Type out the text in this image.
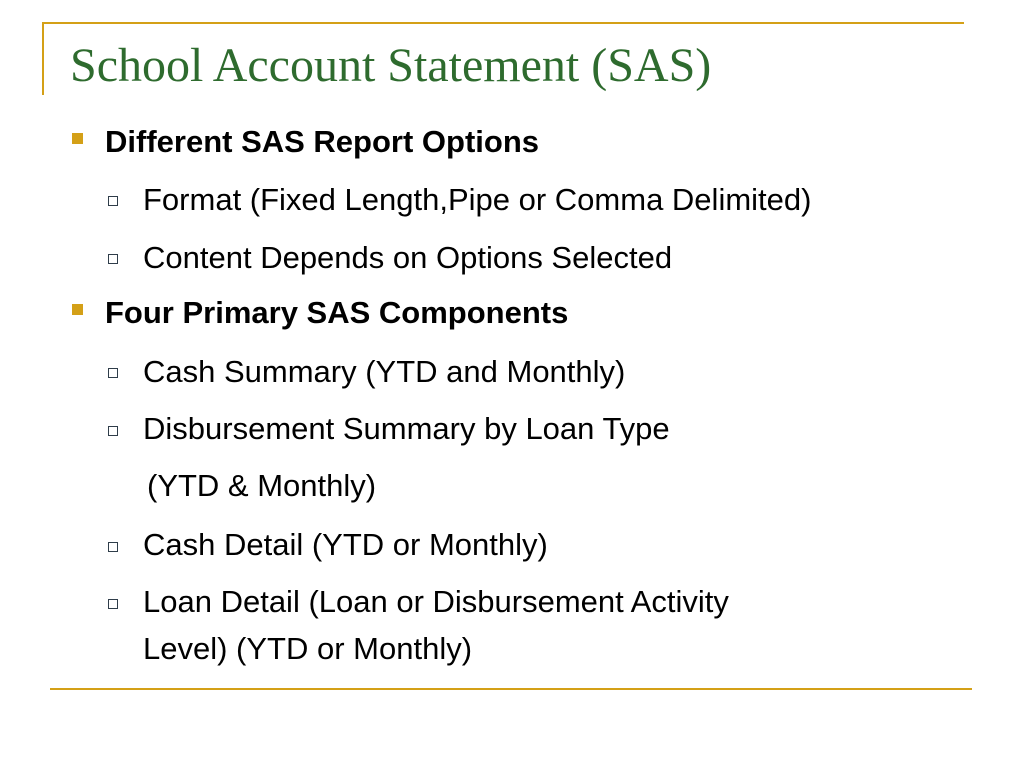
School Account Statement (SAS)
Different SAS Report Options
Format (Fixed Length,Pipe or Comma Delimited)
Content Depends on Options Selected
Four Primary SAS Components
Cash Summary (YTD and Monthly)
Disbursement Summary by Loan Type
(YTD & Monthly)
Cash Detail (YTD or Monthly)
Loan Detail (Loan or Disbursement Activity
Level) (YTD or Monthly)
